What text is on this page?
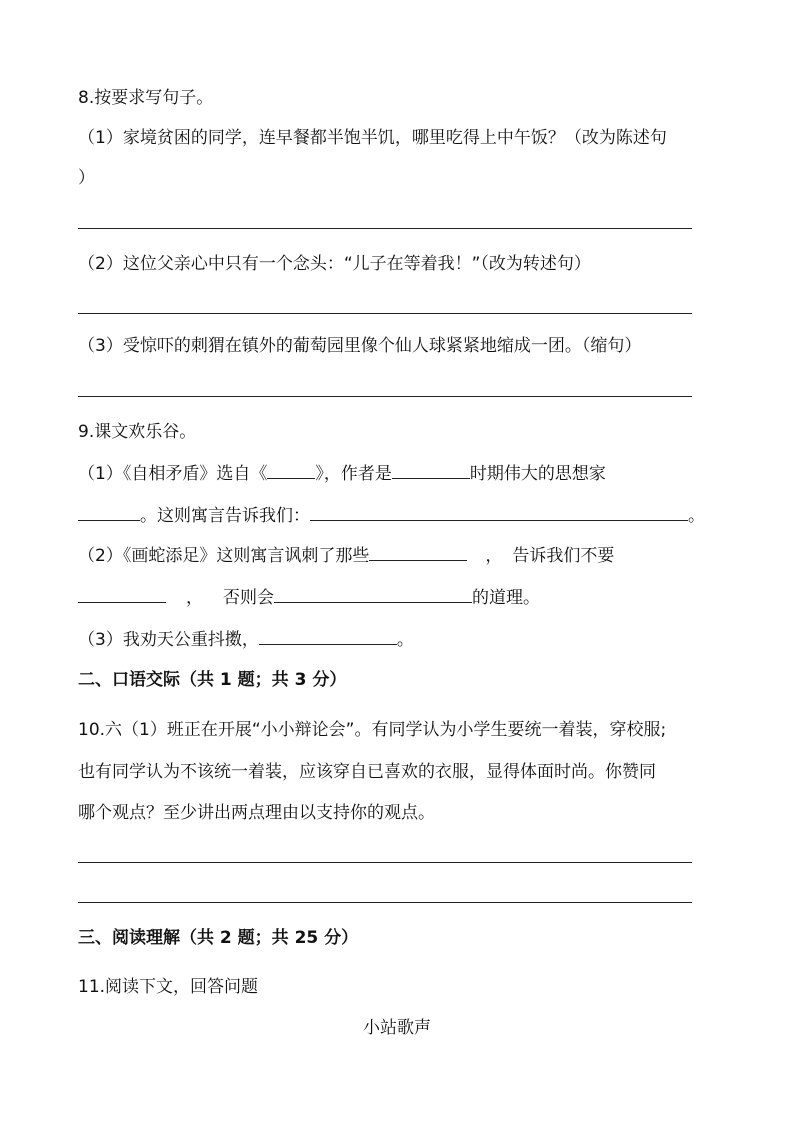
8.按要求写句子。
（1）家境贫困的同学，连早餐都半饱半饥，哪里吃得上中午饭？（改为陈述句
）
（2）这位父亲心中只有一个念头：“儿子在等着我！”（改为转述句）
（3）受惊吓的刺猬在镇外的葡萄园里像个仙人球紧紧地缩成一团。（缩句）
9.课文欢乐谷。
（1）《自相矛盾》选自《	》，作者是	时期伟大的思想家
。这则寓言告诉我们：	。
（2）《画蛇添足》这则寓言讽刺了那些	， 告诉我们不要
， 否则会	的道理。
（3）我劝天公重抖擞，	。
二、口语交际（共 1 题；共 3 分）
10.六（1）班正在开展“小小辩论会”。有同学认为小学生要统一着装，穿校服;
也有同学认为不该统一着装，应该穿自已喜欢的衣服，显得体面时尚。你赞同
哪个观点？至少讲出两点理由以支持你的观点。
三、阅读理解（共 2 题；共 25 分）
11.阅读下文，回答问题
小站歌声
